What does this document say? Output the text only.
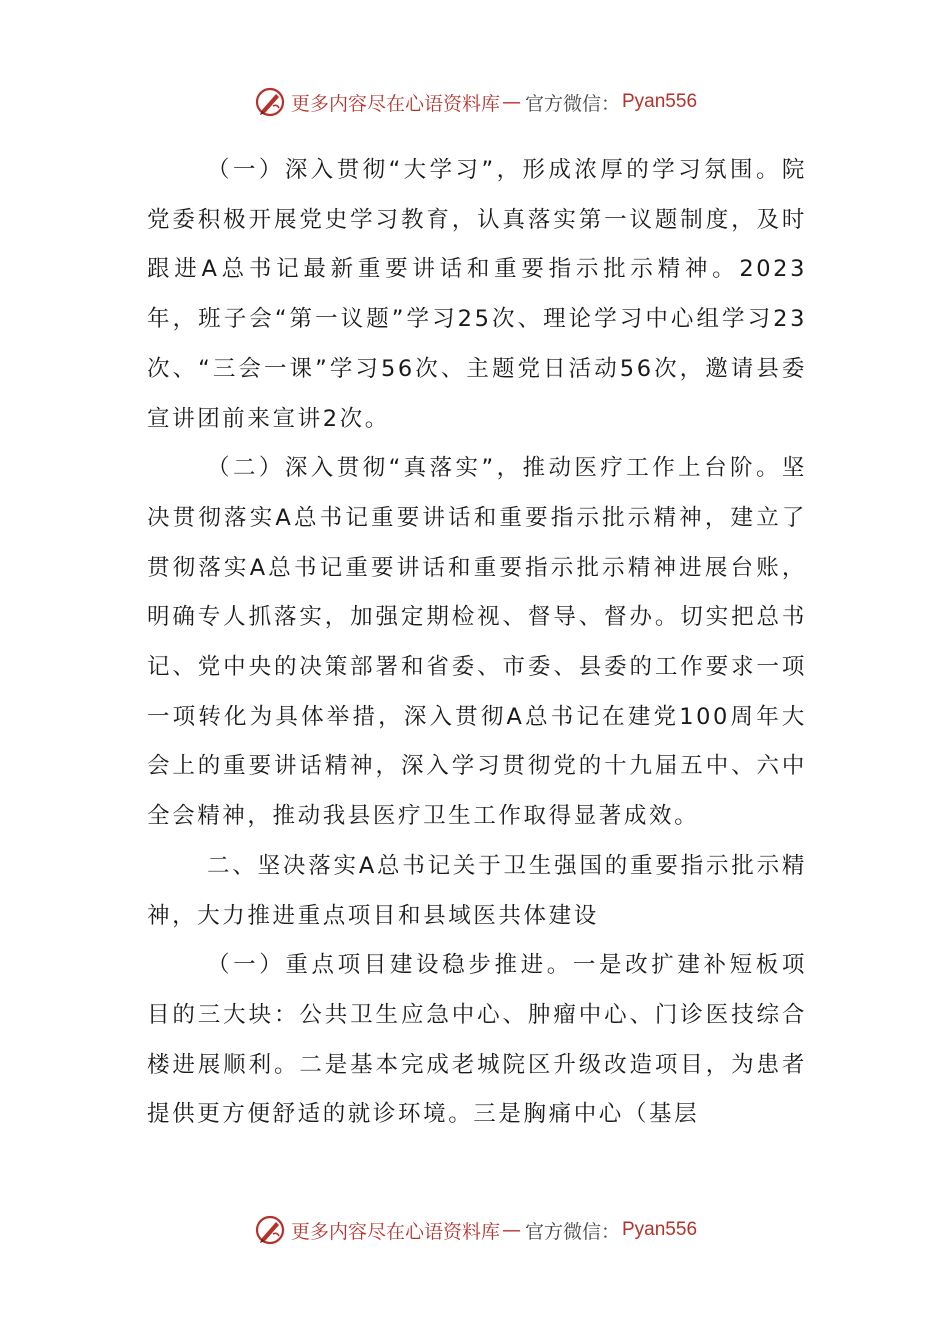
更多内容尽在心语资料库 — 官方微信： Pyan556

（一）深入贯彻“大学习”，形成浓厚的学习氛围。院党委积极开展党史学习教育，认真落实第一议题制度，及时跟进A总书记最新重要讲话和重要指示批示精神。2023年，班子会“第一议题”学习25次、理论学习中心组学习23次、“三会一课”学习56次、主题党日活动56次，邀请县委宣讲团前来宣讲2次。

（二）深入贯彻“真落实”，推动医疗工作上台阶。坚决贯彻落实A总书记重要讲话和重要指示批示精神，建立了贯彻落实A总书记重要讲话和重要指示批示精神进展台账，明确专人抓落实，加强定期检视、督导、督办。切实把总书记、党中央的决策部署和省委、市委、县委的工作要求一项一项转化为具体举措，深入贯彻A总书记在建党100周年大会上的重要讲话精神，深入学习贯彻党的十九届五中、六中全会精神，推动我县医疗卫生工作取得显著成效。

二、坚决落实A总书记关于卫生强国的重要指示批示精神，大力推进重点项目和县域医共体建设

（一）重点项目建设稳步推进。一是改扩建补短板项目的三大块：公共卫生应急中心、肿瘤中心、门诊医技综合楼进展顺利。二是基本完成老城院区升级改造项目，为患者提供更方便舒适的就诊环境。三是胸痛中心（基层

更多内容尽在心语资料库 — 官方微信： Pyan556
